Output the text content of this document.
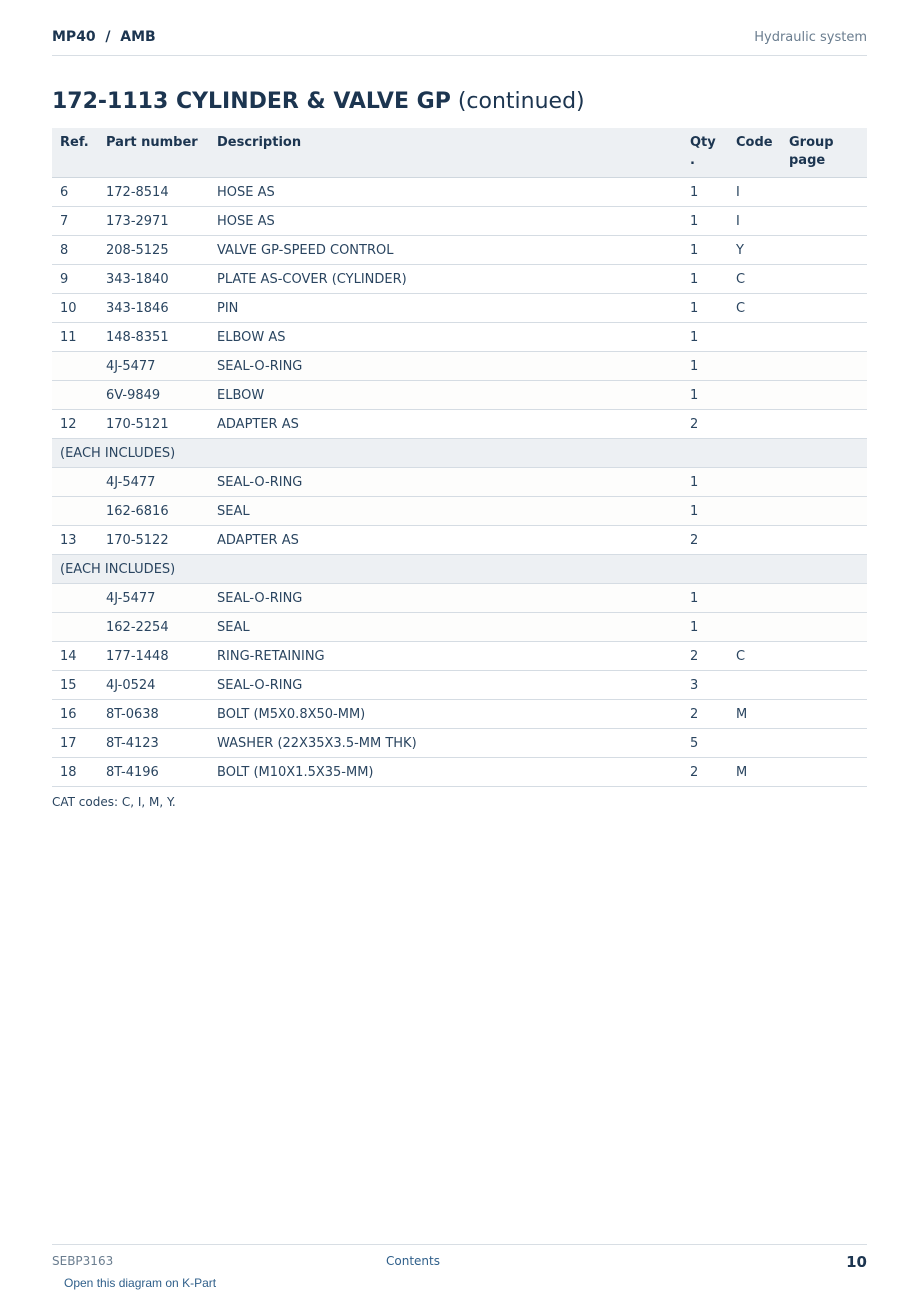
MP40  /  AMB	Hydraulic system
172-1113 CYLINDER & VALVE GP (continued)
Ref.	Part number	Description	Qty .	Code	Group page
6	172-8514	HOSE AS	1	I	
7	173-2971	HOSE AS	1	I	
8	208-5125	VALVE GP-SPEED CONTROL	1	Y	
9	343-1840	PLATE AS-COVER (CYLINDER)	1	C	
10	343-1846	PIN	1	C	
11	148-8351	ELBOW AS	1		
	4J-5477	SEAL-O-RING	1		
	6V-9849	ELBOW	1		
12	170-5121	ADAPTER AS	2		
(EACH INCLUDES)					
	4J-5477	SEAL-O-RING	1		
	162-6816	SEAL	1		
13	170-5122	ADAPTER AS	2		
(EACH INCLUDES)					
	4J-5477	SEAL-O-RING	1		
	162-2254	SEAL	1		
14	177-1448	RING-RETAINING	2	C	
15	4J-0524	SEAL-O-RING	3		
16	8T-0638	BOLT (M5X0.8X50-MM)	2	M	
17	8T-4123	WASHER (22X35X3.5-MM THK)	5		
18	8T-4196	BOLT (M10X1.5X35-MM)	2	M	
CAT codes: C, I, M, Y.
SEBP3163	Contents	10
Open this diagram on K-Part
